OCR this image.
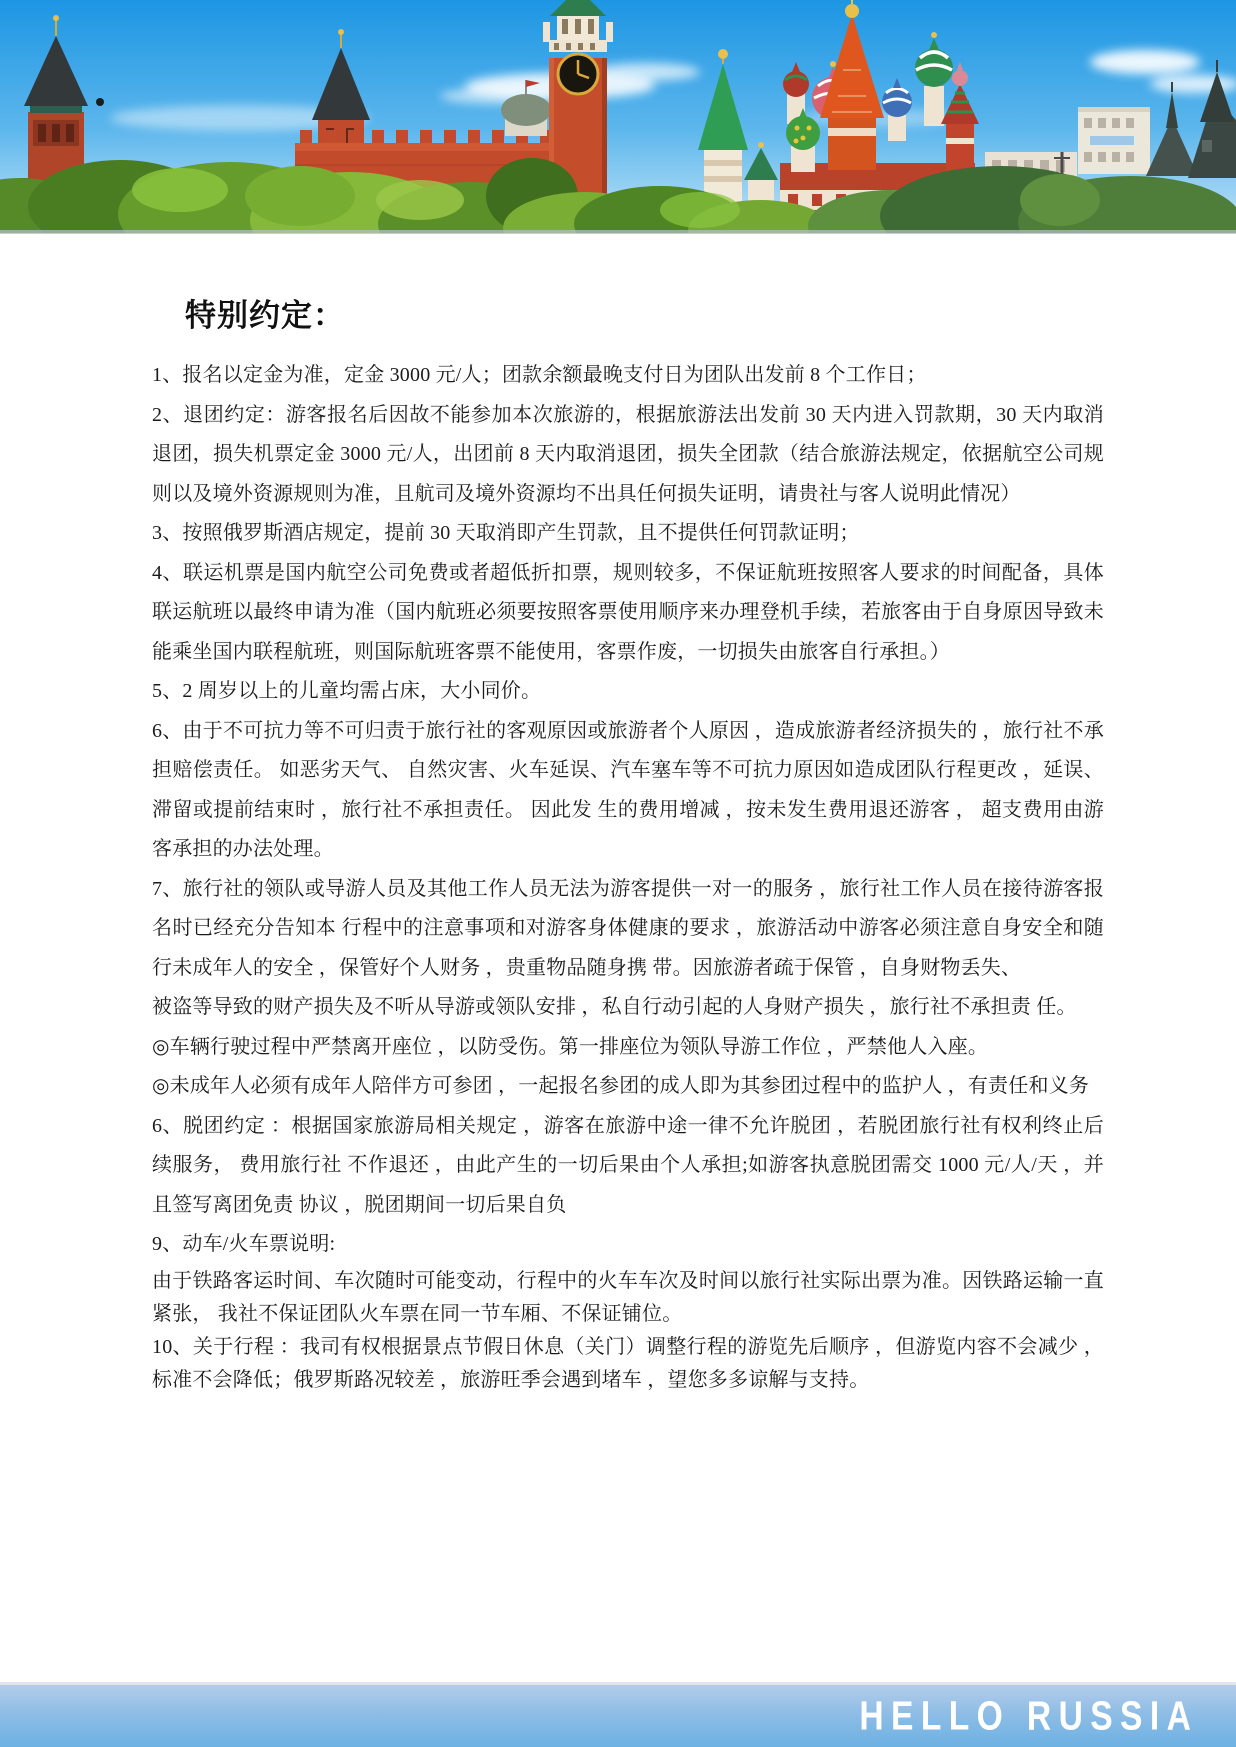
特别约定：

1、报名以定金为准，定金 3000 元/人；团款余额最晚支付日为团队出发前 8 个工作日；

2、退团约定：游客报名后因故不能参加本次旅游的，根据旅游法出发前 30 天内进入罚款期，30 天内取消退团，损失机票定金 3000 元/人，出团前 8 天内取消退团，损失全团款（结合旅游法规定，依据航空公司规则以及境外资源规则为准，且航司及境外资源均不出具任何损失证明，请贵社与客人说明此情况）

3、按照俄罗斯酒店规定，提前 30 天取消即产生罚款，且不提供任何罚款证明；

4、联运机票是国内航空公司免费或者超低折扣票，规则较多，不保证航班按照客人要求的时间配备，具体联运航班以最终申请为准（国内航班必须要按照客票使用顺序来办理登机手续，若旅客由于自身原因导致未能乘坐国内联程航班，则国际航班客票不能使用，客票作废，一切损失由旅客自行承担。）

5、2 周岁以上的儿童均需占床，大小同价。

6、由于不可抗力等不可归责于旅行社的客观原因或旅游者个人原因 ，造成旅游者经济损失的 ，旅行社不承担赔偿责任。 如恶劣天气、 自然灾害、火车延误、汽车塞车等不可抗力原因如造成团队行程更改 ，延误、滞留或提前结束时 ，旅行社不承担责任。 因此发 生的费用增减 ，按未发生费用退还游客 ， 超支费用由游客承担的办法处理。

7、旅行社的领队或导游人员及其他工作人员无法为游客提供一对一的服务 ，旅行社工作人员在接待游客报名时已经充分告知本 行程中的注意事项和对游客身体健康的要求 ，旅游活动中游客必须注意自身安全和随行未成年人的安全 ，保管好个人财务 ，贵重物品随身携 带。因旅游者疏于保管 ，自身财物丢失、

被盗等导致的财产损失及不听从导游或领队安排 ，私自行动引起的人身财产损失 ，旅行社不承担责 任。

◎车辆行驶过程中严禁离开座位 ，以防受伤。第一排座位为领队导游工作位 ，严禁他人入座。

◎未成年人必须有成年人陪伴方可参团 ，一起报名参团的成人即为其参团过程中的监护人 ，有责任和义务

6、脱团约定 ：根据国家旅游局相关规定 ，游客在旅游中途一律不允许脱团 ，若脱团旅行社有权利终止后续服务， 费用旅行社 不作退还 ，由此产生的一切后果由个人承担;如游客执意脱团需交 1000 元/人/天 ，并且签写离团免责 协议 ，脱团期间一切后果自负

9、动车/火车票说明:

由于铁路客运时间、车次随时可能变动，行程中的火车车次及时间以旅行社实际出票为准。因铁路运输一直紧张， 我社不保证团队火车票在同一节车厢、不保证铺位。

10、关于行程 ：我司有权根据景点节假日休息（关门）调整行程的游览先后顺序 ，但游览内容不会减少 ，标准不会降低；俄罗斯路况较差 ，旅游旺季会遇到堵车 ，望您多多谅解与支持。

HELLO RUSSIA
